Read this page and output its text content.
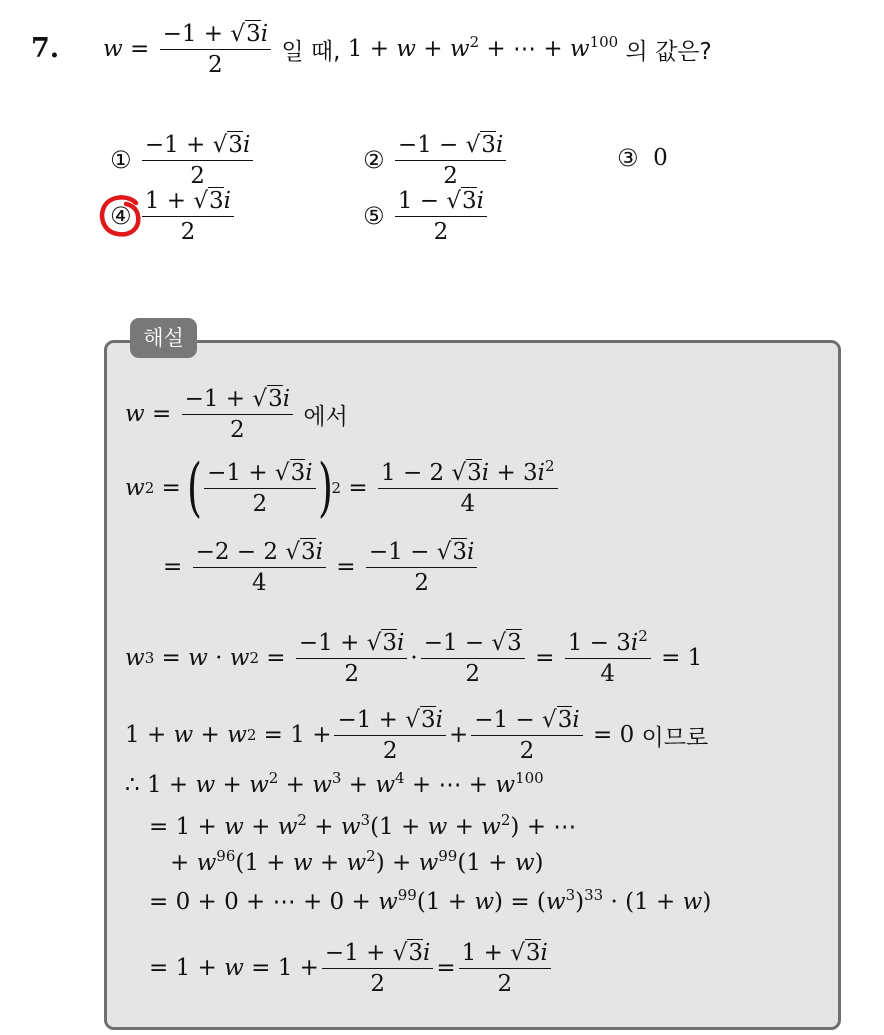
7. $w = \frac{-1 + √3i}{2}$
일 때,
$1 + w + w^2$ + ⋯ + $w^{100}$
의 값은?
①
$\frac{-1 + √3i}{2}$	②
$\frac{-1 - √3i}{2}$	③
0
④
$\frac{1 + √3i}{2}$	⑤
$\frac{1 - √3i}{2}$
해설
$w = \frac{-1 + √3i}{2}$
에서
w 2 =
( $\frac{-1 + √3i}{2}$ )
$2 = \frac{1 - 2 √3i + 3i^2}{4}$
= $\frac{-2 - 2 √3i}{4} = \frac{-1 - √3i}{2}$
w 3 = w · w $2 = \frac{-1 + √3i}{2} \cdot \frac{-1 - √3}{2} = \frac{1 - 3i^2}{4} = 1$
1 + w + w $2 = 1 + \frac{-1 + √3i}{2} + \frac{-1 - √3i}{2} = 0$ 이므로
∴ $1 + w + w^2 + w^3 + w^4$ + ⋯ + $w^{100}$
= $1 + w + w^2 + w^3(1 + w + w^2)$ + ⋯
+ $w^{96}(1 + w + w^2) + w^{99}(1 + w)$
= 0 + 0 + ⋯ + $0 + w^{99}(1 + w) = (w^3)^{33} \cdot (1 + w)$
= $1 + w = 1 + \frac{-1 + √3i}{2} = \frac{1 + √3i}{2}$
